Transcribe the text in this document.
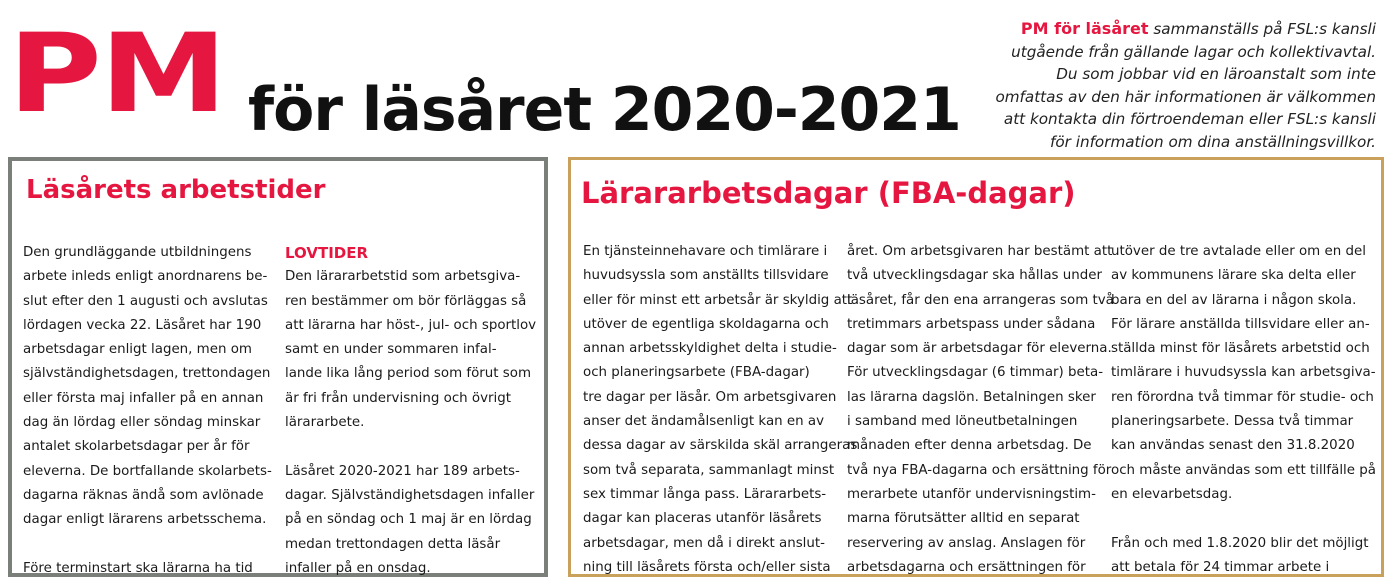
PM för läsåret 2020-2021
PM för läsåret sammanställs på FSL:s kansli
utgående från gällande lagar och kollektivavtal.
Du som jobbar vid en läroanstalt som inte
omfattas av den här informationen är välkommen
att kontakta din förtroendeman eller FSL:s kansli
för information om dina anställningsvillkor.
Läsårets arbetstider
Den grundläggande utbildningens
arbete inleds enligt anordnarens be-
slut efter den 1 augusti och avslutas
lördagen vecka 22. Läsåret har 190
arbetsdagar enligt lagen, men om
självständighetsdagen, trettondagen
eller första maj infaller på en annan
dag än lördag eller söndag minskar
antalet skolarbetsdagar per år för
eleverna. De bortfallande skolarbets-
dagarna räknas ändå som avlönade
dagar enligt lärarens arbetsschema.
Före terminstart ska lärarna ha tid
LOVTIDER
Den lärararbetstid som arbetsgiva-
ren bestämmer om bör förläggas så
att lärarna har höst-, jul- och sportlov
samt en under sommaren infal-
lande lika lång period som förut som
är fri från undervisning och övrigt
lärararbete.
Läsåret 2020-2021 har 189 arbets-
dagar. Självständighetsdagen infaller
på en söndag och 1 maj är en lördag
medan trettondagen detta läsår
infaller på en onsdag.
Lärararbetsdagar (FBA-dagar)
En tjänsteinnehavare och timlärare i
huvudsyssla som anställts tillsvidare
eller för minst ett arbetsår är skyldig att
utöver de egentliga skoldagarna och
annan arbetsskyldighet delta i studie-
och planeringsarbete (FBA-dagar)
tre dagar per läsår. Om arbetsgivaren
anser det ändamålsenligt kan en av
dessa dagar av särskilda skäl arrangeras
som två separata, sammanlagt minst
sex timmar långa pass. Lärararbets-
dagar kan placeras utanför läsårets
arbetsdagar, men då i direkt anslut-
ning till läsårets första och/eller sista
året. Om arbetsgivaren har bestämt att
två utvecklingsdagar ska hållas under
läsåret, får den ena arrangeras som två
tretimmars arbetspass under sådana
dagar som är arbetsdagar för eleverna.
För utvecklingsdagar (6 timmar) beta-
las lärarna dagslön. Betalningen sker
i samband med löneutbetalningen
månaden efter denna arbetsdag. De
två nya FBA-dagarna och ersättning för
merarbete utanför undervisningstim-
marna förutsätter alltid en separat
reservering av anslag. Anslagen för
arbetsdagarna och ersättningen för
utöver de tre avtalade eller om en del
av kommunens lärare ska delta eller
bara en del av lärarna i någon skola.
För lärare anställda tillsvidare eller an-
ställda minst för läsårets arbetstid och
timlärare i huvudsyssla kan arbetsgiva-
ren förordna två timmar för studie- och
planeringsarbete. Dessa två timmar
kan användas senast den 31.8.2020
och måste användas som ett tillfälle på
en elevarbetsdag.
Från och med 1.8.2020 blir det möjligt
att betala för 24 timmar arbete i
